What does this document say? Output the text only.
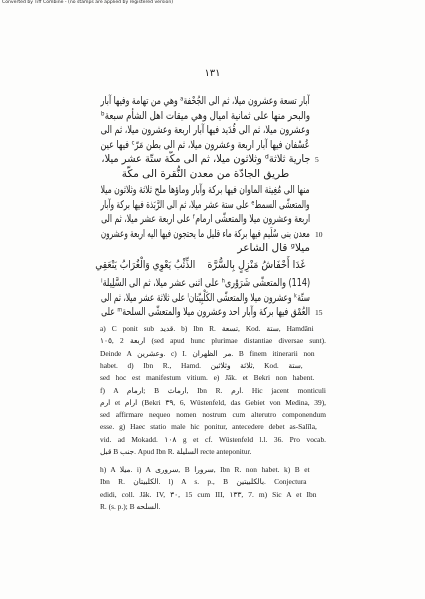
Converted by Tiff Combine - (no stamps are applied by registered version)
١٣١
آبار تسعة وعشرون ميلا، ثم الى الجُحْفةᵃ وهي من تهامة وفيها آبار
والبحر منها على ثمانية اميال وهي ميقات اهل الشأم سبعةᵇ
وعشرون ميلا، ثم الى قُدَيد فيها آبار اربعة وعشرون ميلا، ثم الى
عُسْفان فيها آبار اربعة وعشرون ميلا، ثم الى بطن مَرّᶜ فيها عين
جارية ثلاثةᵈ وثلاثون ميلا، ثم الى مكّة ستّة عشر ميلا، 5
طريق الجادّة من معدن النُّقرة الى مكّة
منها الى مُغِيثة الماوان فيها بركة وآبار وماؤها ملح ثلاثة وثلاثون ميلا
والمتعشّى السمطᵉ على ستة عشر ميلا، ثم الى الرَّبَذة فيها بركة وآبار
اربعة وعشرون ميلا والمتعشّى ارمامᶠ على اربعة عشر ميلا، ثم الى
معدن بنى سُلَيم فيها بركة ماء قليل ما يحتجون فيها اليه اربعة وعشرون 10
ميلاᵍ قال الشاعر
غَدَا أَحْفَاشُ مَنْزِلٍ بِالسُّرَّة
الذِّئْبُ يَعْوِي وَالْغُرَابُ يَنْعَقِي
(114) والمتعشّى شَرَوْرىʰ على اثنى عشر ميلا، ثم الى السَّلِيلةⁱ
ستّةᵏ وعشرون ميلا والمتعشّى الكَلْبِيّتانˡ على ثلاثة عشر ميلا، ثم الى
العُمْق فيها بركة وآبار احد وعشرون ميلا والمتعشّى السلحةᵐ على 15
a) C ponit sub قديد. b) Ibn R. تسعة, Kod. ستة, Hamdâni
١٠٥, 2 اربعة (sed apud hunc plurimae distantiae diversae sunt).
Deinde A وعشرين. c) I. مر الظهران. B finem itinerarii non
habet. d) Ibn R., Hamd. ثلاثة وثلاثين, Kod. ستة,
sed hoc est manifestum vitium. e) Jâk. et Bekri non habent.
f) A ارمام; B ارماث, Ibn R. ارم. Hic jacent monticuli
ارم et ارام (Bekri ٣٩, 6, Wüstenfeld, das Gebiet von Medina, 39),
sed affirmare nequeo nomen nostrum cum alterutro componendum
esse. g) Haec statio male hic ponitur, antecedere debet as-Salîla,
vid. ad Mokadd. ١٠٨ g et cf. Wüstenfeld l.l. 36. Pro vocab.
قبل B جنب. Apud Ibn R. السليلة recte anteponitur.
h) A ميلا. i) A سرورى, B سرورا, Ibn R. non habet. k) B et
Ibn R. الكلبيتان. l) A s. p., B بالكلبيتين. Conjectura
edidi, coll. Jâk. IV, ٣٠, 15 cum III, ١٣٣, 7. m) Sic A et Ibn
R. (s. p.); B السلحه.
